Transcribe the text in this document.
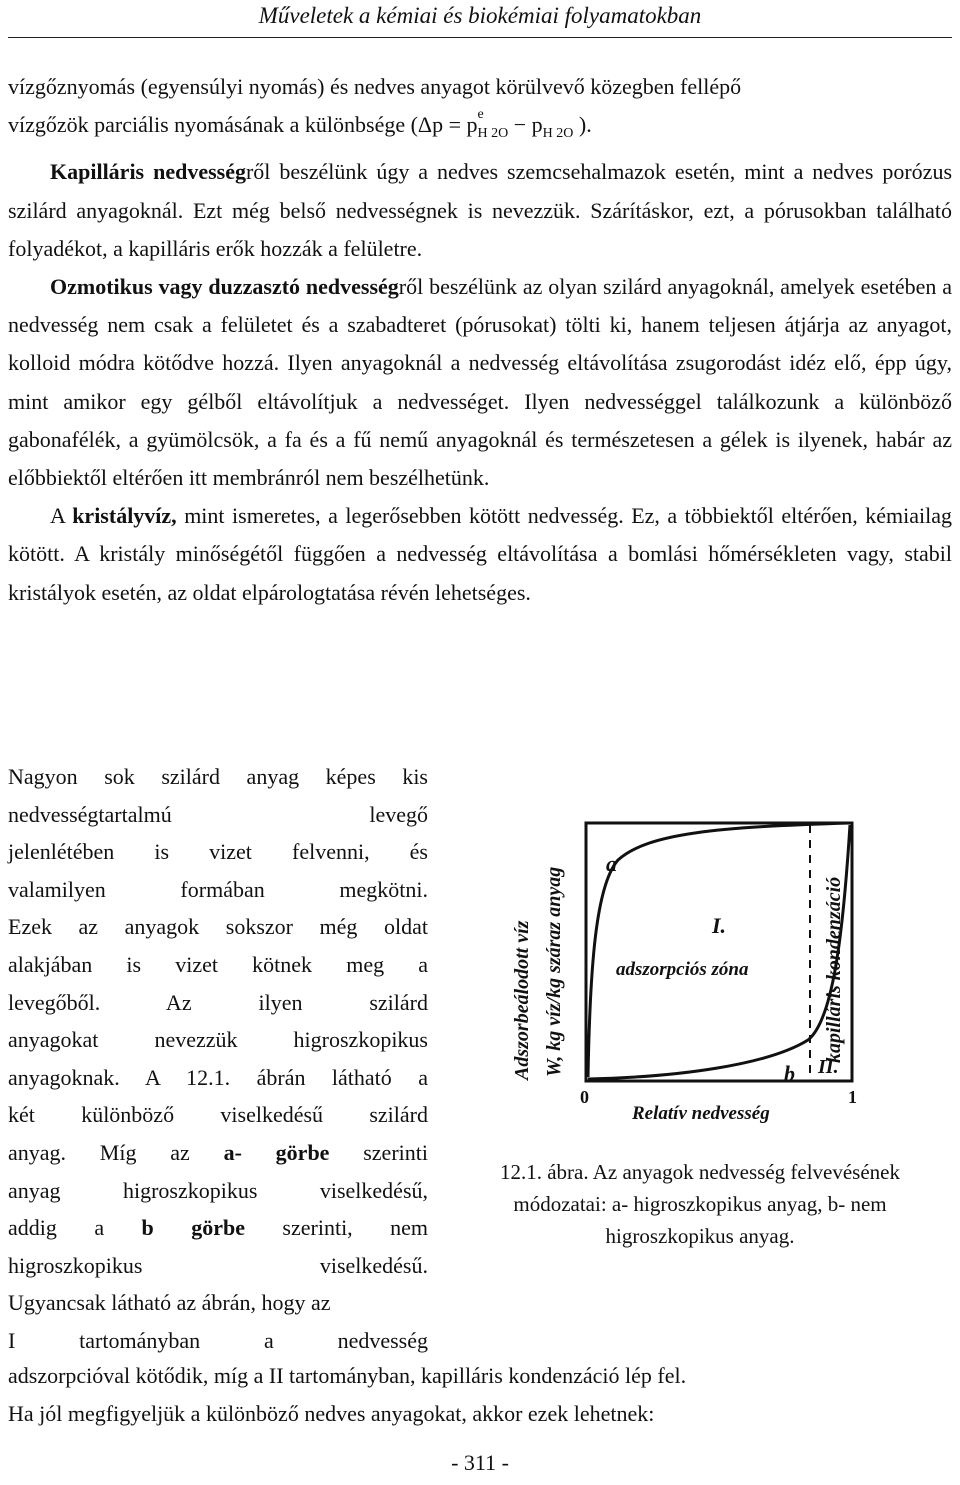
Műveletek a kémiai és biokémiai folyamatokban

vízgőznyomás (egyensúlyi nyomás) és nedves anyagot körülvevő közegben fellépő

vízgőzök parciális nyomásának a különbsége (Δp = p e
$_{H 2O} - p_{H 2O}$ ).

Kapilláris nedvességről beszélünk úgy a nedves szemcsehalmazok esetén, mint a nedves porózus szilárd anyagoknál. Ezt még belső nedvességnek is nevezzük. Szárításkor, ezt, a pórusokban található folyadékot, a kapilláris erők hozzák a felületre.

Ozmotikus vagy duzzasztó nedvességről beszélünk az olyan szilárd anyagoknál, amelyek esetében a nedvesség nem csak a felületet és a szabadteret (pórusokat) tölti ki, hanem teljesen átjárja az anyagot, kolloid módra kötődve hozzá. Ilyen anyagoknál a nedvesség eltávolítása zsugorodást idéz elő, épp úgy, mint amikor egy gélből eltávolítjuk a nedvességet. Ilyen nedvességgel találkozunk a különböző gabonafélék, a gyümölcsök, a fa és a fű nemű anyagoknál és természetesen a gélek is ilyenek, habár az előbbiektől eltérően itt membránról nem beszélhetünk.

A kristályvíz, mint ismeretes, a legerősebben kötött nedvesség. Ez, a többiektől eltérően, kémiailag kötött. A kristály minőségétől függően a nedvesség eltávolítása a bomlási hőmérsékleten vagy, stabil kristályok esetén, az oldat elpárologtatása révén lehetséges.

Nagyon sok szilárd anyag képes kis

nedvességtartalmú levegő

jelenlétében is vizet felvenni, és

valamilyen formában megkötni.

Ezek az anyagok sokszor még oldat

alakjában is vizet kötnek meg a

levegőből. Az ilyen szilárd

anyagokat nevezzük higroszkopikus

anyagoknak. A 12.1. ábrán látható a

két különböző viselkedésű szilárd

anyag. Míg az a- görbe szerinti

anyag higroszkopikus viselkedésű,

addig a b görbe szerinti, nem

higroszkopikus viselkedésű.

Ugyancsak látható az ábrán, hogy az

I tartományban a nedvesség

Adszorbeálodott víz W, kg víz/kg száraz anyag	kapilláris kondenzáció
a
b
I.
adszorpciós zóna
II.
0	1
Relatív nedvesség
12.1. ábra. Az anyagok nedvesség felvevésének módozatai: a- higroszkopikus anyag, b- nem higroszkopikus anyag.

adszorpcióval kötődik, míg a II tartományban, kapilláris kondenzáció lép fel.

Ha jól megfigyeljük a különböző nedves anyagokat, akkor ezek lehetnek:

- 311 -
